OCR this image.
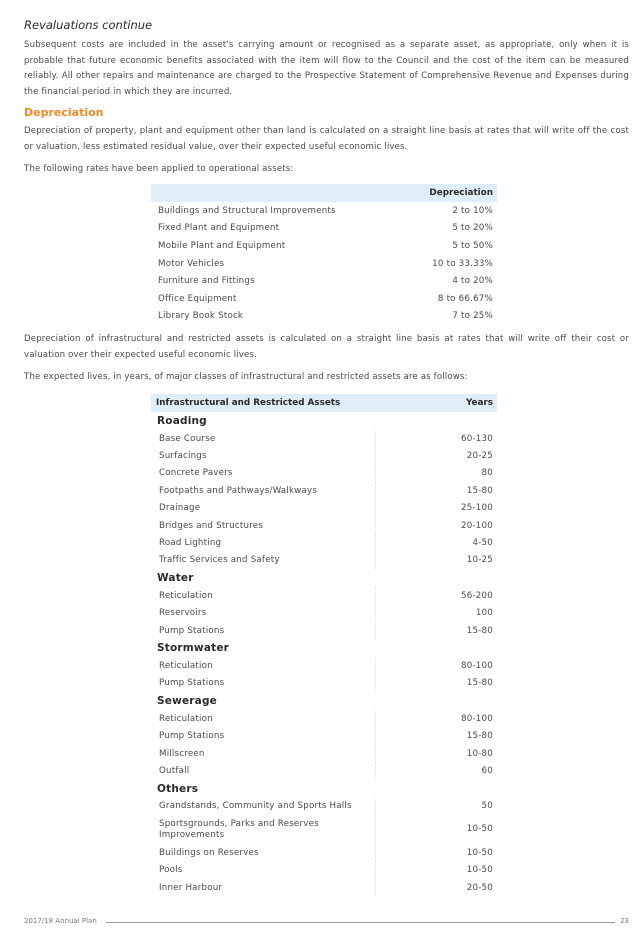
Revaluations continue

Subsequent costs are included in the asset's carrying amount or recognised as a separate asset, as appropriate, only when it is probable that future economic benefits associated with the item will flow to the Council and the cost of the item can be measured reliably. All other repairs and maintenance are charged to the Prospective Statement of Comprehensive Revenue and Expenses during the financial period in which they are incurred.

Depreciation

Depreciation of property, plant and equipment other than land is calculated on a straight line basis at rates that will write off the cost or valuation, less estimated residual value, over their expected useful economic lives.

The following rates have been applied to operational assets:

	Depreciation
Buildings and Structural Improvements	2 to 10%
Fixed Plant and Equipment	5 to 20%
Mobile Plant and Equipment	5 to 50%
Motor Vehicles	10 to 33.33%
Furniture and Fittings	4 to 20%
Office Equipment	8 to 66.67%
Library Book Stock	7 to 25%

Depreciation of infrastructural and restricted assets is calculated on a straight line basis at rates that will write off their cost or valuation over their expected useful economic lives.

The expected lives, in years, of major classes of infrastructural and restricted assets are as follows:

Infrastructural and Restricted Assets		Years
Roading	
Base Course		60-130
Surfacings		20-25
Concrete Pavers		80
Footpaths and Pathways/Walkways		15-80
Drainage		25-100
Bridges and Structures		20-100
Road Lighting		4-50
Traffic Services and Safety		10-25
Water	
Reticulation		56-200
Reservoirs		100
Pump Stations		15-80
Stormwater	
Reticulation		80-100
Pump Stations		15-80
Sewerage	
Reticulation		80-100
Pump Stations		15-80
Millscreen		10-80
Outfall		60
Others	
Grandstands, Community and Sports Halls		50
Sportsgrounds, Parks and Reserves Improvements		10-50
Buildings on Reserves		10-50
Pools		10-50
Inner Harbour		20-50
2017/18 Annual Plan	23
